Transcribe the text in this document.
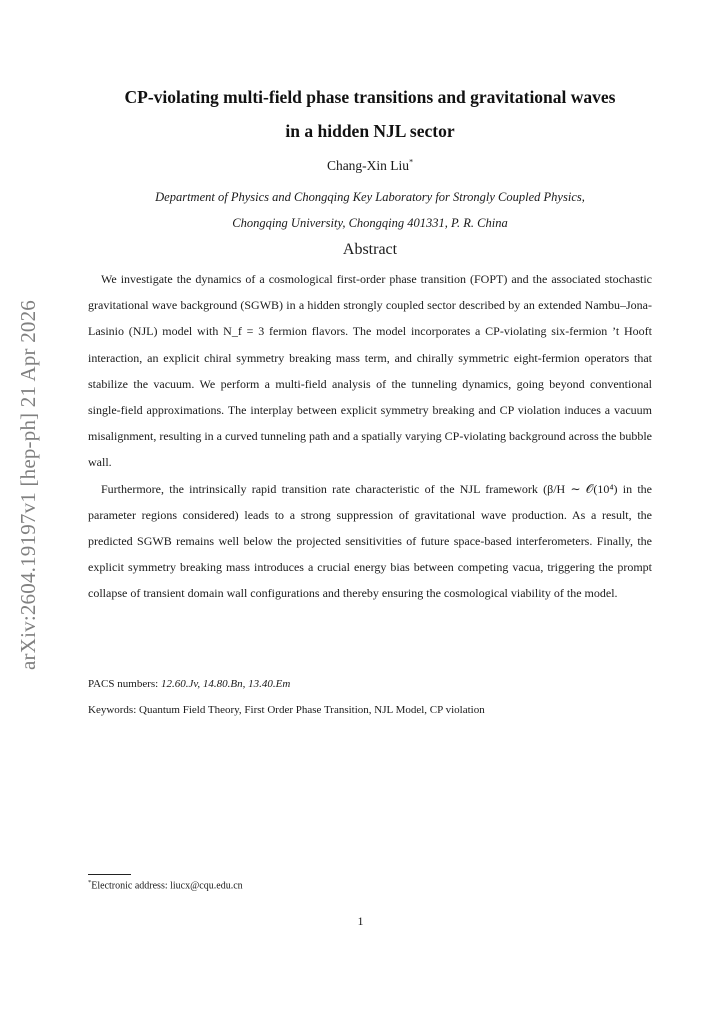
arXiv:2604.19197v1 [hep-ph] 21 Apr 2026
CP-violating multi-field phase transitions and gravitational waves
in a hidden NJL sector
Chang-Xin Liu*
Department of Physics and Chongqing Key Laboratory for Strongly Coupled Physics,
Chongqing University, Chongqing 401331, P. R. China
Abstract

We investigate the dynamics of a cosmological first-order phase transition (FOPT) and the associated stochastic gravitational wave background (SGWB) in a hidden strongly coupled sector described by an extended Nambu–Jona-Lasinio (NJL) model with N_f = 3 fermion flavors. The model incorporates a CP-violating six-fermion ’t Hooft interaction, an explicit chiral symmetry breaking mass term, and chirally symmetric eight-fermion operators that stabilize the vacuum. We perform a multi-field analysis of the tunneling dynamics, going beyond conventional single-field approximations. The interplay between explicit symmetry breaking and CP violation induces a vacuum misalignment, resulting in a curved tunneling path and a spatially varying CP-violating background across the bubble wall.

Furthermore, the intrinsically rapid transition rate characteristic of the NJL framework (β/H ∼ 𝒪(10⁴) in the parameter regions considered) leads to a strong suppression of gravitational wave production. As a result, the predicted SGWB remains well below the projected sensitivities of future space-based interferometers. Finally, the explicit symmetry breaking mass introduces a crucial energy bias between competing vacua, triggering the prompt collapse of transient domain wall configurations and thereby ensuring the cosmological viability of the model.

PACS numbers: 12.60.Jv, 14.80.Bn, 13.40.Em
Keywords: Quantum Field Theory, First Order Phase Transition, NJL Model, CP violation
*Electronic address: liucx@cqu.edu.cn
1
